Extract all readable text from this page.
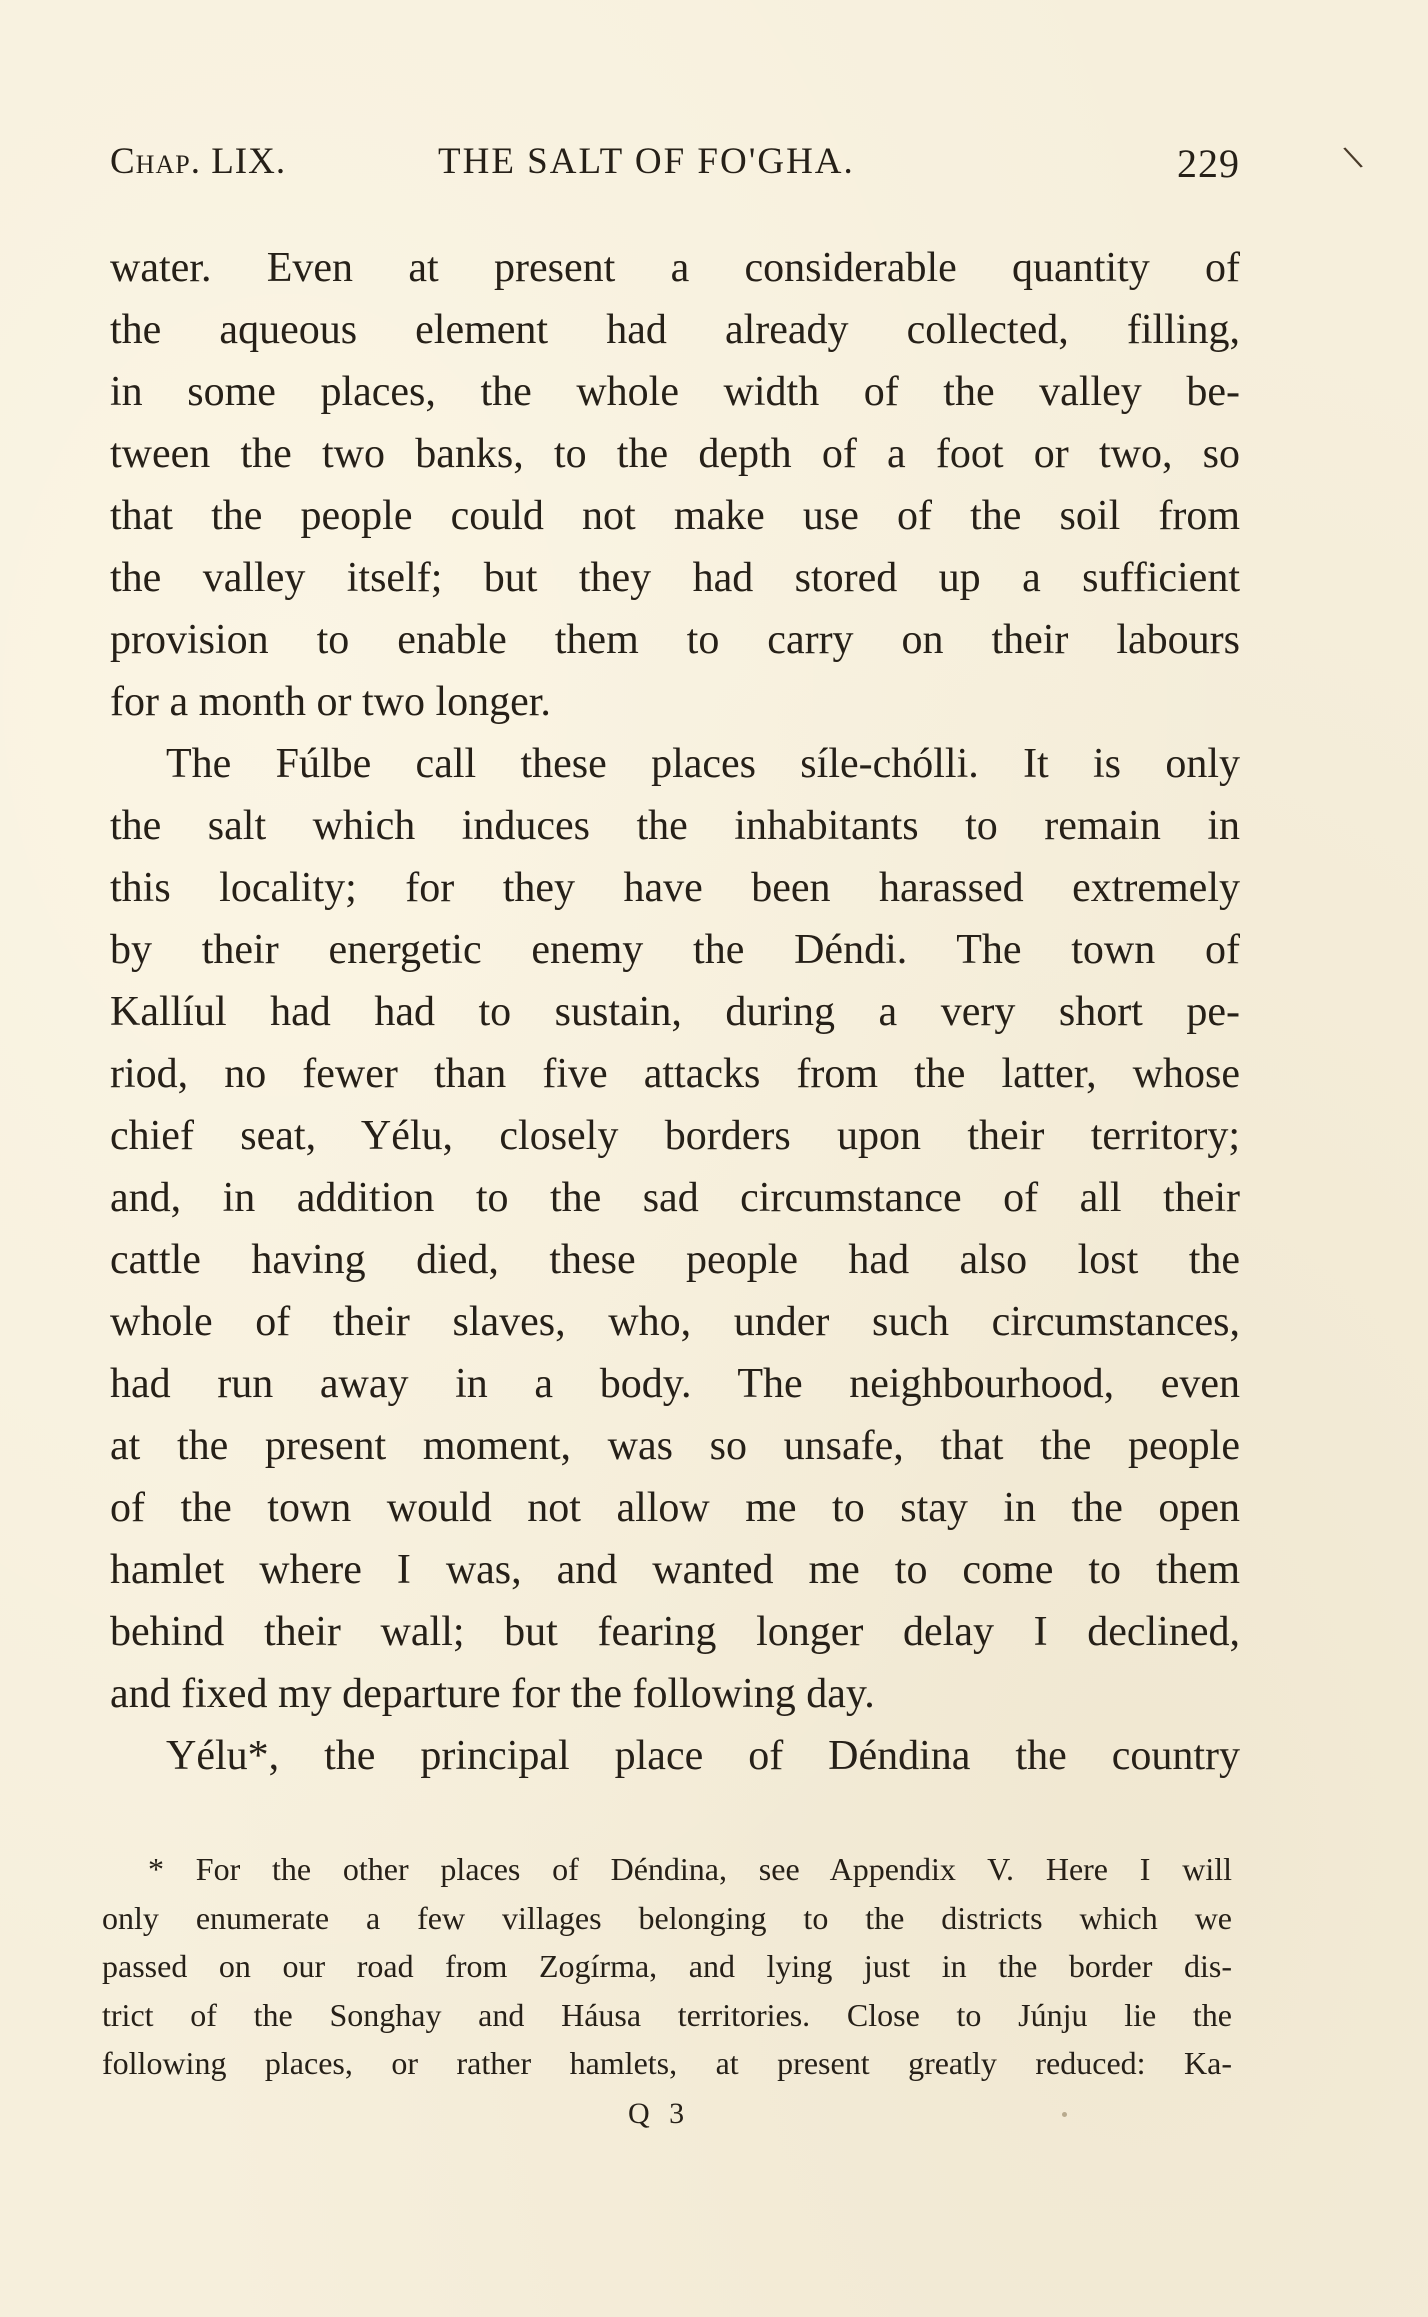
Chap. LIX.	THE SALT OF FO'GHA.	229	\
water. Even at present a considerable quantity of
the aqueous element had already collected, filling,
in some places, the whole width of the valley be-
tween the two banks, to the depth of a foot or two, so
that the people could not make use of the soil from
the valley itself; but they had stored up a sufficient
provision to enable them to carry on their labours
for a month or two longer.
The Fúlbe call these places síle-chólli. It is only
the salt which induces the inhabitants to remain in
this locality; for they have been harassed extremely
by their energetic enemy the Déndi. The town of
Kallíul had had to sustain, during a very short pe-
riod, no fewer than five attacks from the latter, whose
chief seat, Yélu, closely borders upon their territory;
and, in addition to the sad circumstance of all their
cattle having died, these people had also lost the
whole of their slaves, who, under such circumstances,
had run away in a body. The neighbourhood, even
at the present moment, was so unsafe, that the people
of the town would not allow me to stay in the open
hamlet where I was, and wanted me to come to them
behind their wall; but fearing longer delay I declined,
and fixed my departure for the following day.
Yélu*, the principal place of Déndina the country
* For the other places of Déndina, see Appendix V. Here I will
only enumerate a few villages belonging to the districts which we
passed on our road from Zogírma, and lying just in the border dis-
trict of the Songhay and Háusa territories. Close to Júnju lie the
following places, or rather hamlets, at present greatly reduced: Ka-
Q 3
